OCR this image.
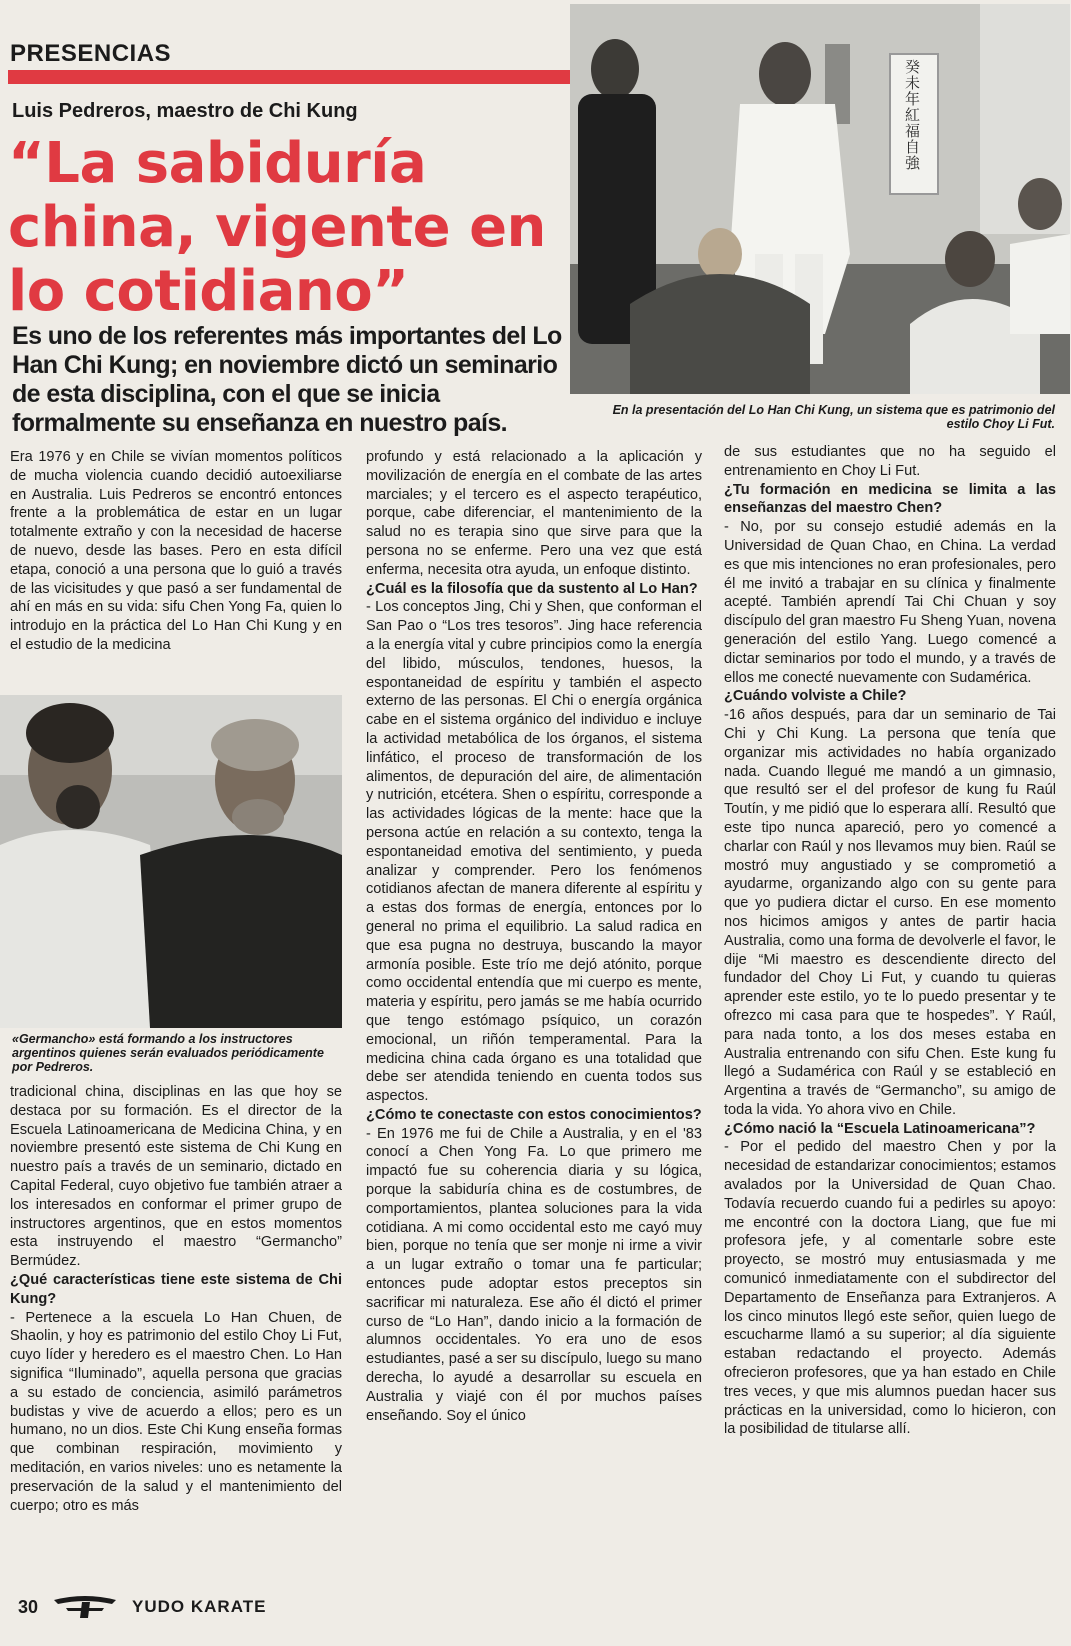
PRESENCIAS
Luis Pedreros, maestro de Chi Kung
“La sabiduría china, vigente en lo cotidiano”
Es uno de los referentes más importantes del Lo Han Chi Kung; en noviembre dictó un seminario de esta disciplina, con el que se inicia formalmente su enseñanza en nuestro país.
癸未年紅福自強
En la presentación del Lo Han Chi Kung, un sistema que es patrimonio del estilo Choy Li Fut.

Era 1976 y en Chile se vivían momentos políticos de mucha violencia cuando decidió autoexiliarse en Australia. Luis Pedreros se encontró entonces frente a la problemática de estar en un lugar totalmente extraño y con la necesidad de hacerse de nuevo, desde las bases. Pero en esta difícil etapa, conoció a una persona que lo guió a través de las vicisitudes y que pasó a ser fundamental de ahí en más en su vida: sifu Chen Yong Fa, quien lo introdujo en la práctica del Lo Han Chi Kung y en el estudio de la medicina

«Germancho» está formando a los instructores argentinos quienes serán evaluados periódicamente por Pedreros.

tradicional china, disciplinas en las que hoy se destaca por su formación. Es el director de la Escuela Latinoamericana de Medicina China, y en noviembre presentó este sistema de Chi Kung en nuestro país a través de un seminario, dictado en Capital Federal, cuyo objetivo fue también atraer a los interesados en conformar el primer grupo de instructores argentinos, que en estos momentos esta instruyendo el maestro “Germancho” Bermúdez.

¿Qué características tiene este sistema de Chi Kung?

- Pertenece a la escuela Lo Han Chuen, de Shaolin, y hoy es patrimonio del estilo Choy Li Fut, cuyo líder y heredero es el maestro Chen. Lo Han significa “Iluminado”, aquella persona que gracias a su estado de conciencia, asimiló parámetros budistas y vive de acuerdo a ellos; pero es un humano, no un dios. Este Chi Kung enseña formas que combinan respiración, movimiento y meditación, en varios niveles: uno es netamente la preservación de la salud y el mantenimiento del cuerpo; otro es más

profundo y está relacionado a la aplicación y movilización de energía en el combate de las artes marciales; y el tercero es el aspecto terapéutico, porque, cabe diferenciar, el mantenimiento de la salud no es terapia sino que sirve para que la persona no se enferme. Pero una vez que está enferma, necesita otra ayuda, un enfoque distinto.

¿Cuál es la filosofía que da sustento al Lo Han?

- Los conceptos Jing, Chi y Shen, que conforman el San Pao o “Los tres tesoros”. Jing hace referencia a la energía vital y cubre principios como la energía del libido, músculos, tendones, huesos, la espontaneidad de espíritu y también el aspecto externo de las personas. El Chi o energía orgánica cabe en el sistema orgánico del individuo e incluye la actividad metabólica de los órganos, el sistema linfático, el proceso de transformación de los alimentos, de depuración del aire, de alimentación y nutrición, etcétera. Shen o espíritu, corresponde a las actividades lógicas de la mente: hace que la persona actúe en relación a su contexto, tenga la espontaneidad emotiva del sentimiento, y pueda analizar y comprender. Pero los fenómenos cotidianos afectan de manera diferente al espíritu y a estas dos formas de energía, entonces por lo general no prima el equilibrio. La salud radica en que esa pugna no destruya, buscando la mayor armonía posible. Este trío me dejó atónito, porque como occidental entendía que mi cuerpo es mente, materia y espíritu, pero jamás se me había ocurrido que tengo estómago psíquico, un corazón emocional, un riñón temperamental. Para la medicina china cada órgano es una totalidad que debe ser atendida teniendo en cuenta todos sus aspectos.

¿Cómo te conectaste con estos conocimientos?

- En 1976 me fui de Chile a Australia, y en el '83 conocí a Chen Yong Fa. Lo que primero me impactó fue su coherencia diaria y su lógica, porque la sabiduría china es de costumbres, de comportamientos, plantea soluciones para la vida cotidiana. A mi como occidental esto me cayó muy bien, porque no tenía que ser monje ni irme a vivir a un lugar extraño o tomar una fe particular; entonces pude adoptar estos preceptos sin sacrificar mi naturaleza. Ese año él dictó el primer curso de “Lo Han”, dando inicio a la formación de alumnos occidentales. Yo era uno de esos estudiantes, pasé a ser su discípulo, luego su mano derecha, lo ayudé a desarrollar su escuela en Australia y viajé con él por muchos países enseñando. Soy el único

de sus estudiantes que no ha seguido el entrenamiento en Choy Li Fut.

¿Tu formación en medicina se limita a las enseñanzas del maestro Chen?

- No, por su consejo estudié además en la Universidad de Quan Chao, en China. La verdad es que mis intenciones no eran profesionales, pero él me invitó a trabajar en su clínica y finalmente acepté. También aprendí Tai Chi Chuan y soy discípulo del gran maestro Fu Sheng Yuan, novena generación del estilo Yang. Luego comencé a dictar seminarios por todo el mundo, y a través de ellos me conecté nuevamente con Sudamérica.

¿Cuándo volviste a Chile?

-16 años después, para dar un seminario de Tai Chi y Chi Kung. La persona que tenía que organizar mis actividades no había organizado nada. Cuando llegué me mandó a un gimnasio, que resultó ser el del profesor de kung fu Raúl Toutín, y me pidió que lo esperara allí. Resultó que este tipo nunca apareció, pero yo comencé a charlar con Raúl y nos llevamos muy bien. Raúl se mostró muy angustiado y se comprometió a ayudarme, organizando algo con su gente para que yo pudiera dictar el curso. En ese momento nos hicimos amigos y antes de partir hacia Australia, como una forma de devolverle el favor, le dije “Mi maestro es descendiente directo del fundador del Choy Li Fut, y cuando tu quieras aprender este estilo, yo te lo puedo presentar y te ofrezco mi casa para que te hospedes”. Y Raúl, para nada tonto, a los dos meses estaba en Australia entrenando con sifu Chen. Este kung fu llegó a Sudamérica con Raúl y se estableció en Argentina a través de “Germancho”, su amigo de toda la vida. Yo ahora vivo en Chile.

¿Cómo nació la “Escuela Latinoamericana”?

- Por el pedido del maestro Chen y por la necesidad de estandarizar conocimientos; estamos avalados por la Universidad de Quan Chao. Todavía recuerdo cuando fui a pedirles su apoyo: me encontré con la doctora Liang, que fue mi profesora jefe, y al comentarle sobre este proyecto, se mostró muy entusiasmada y me comunicó inmediatamente con el subdirector del Departamento de Enseñanza para Extranjeros. A los cinco minutos llegó este señor, quien luego de escucharme llamó a su superior; al día siguiente estaban redactando el proyecto. Además ofrecieron profesores, que ya han estado en Chile tres veces, y que mis alumnos puedan hacer sus prácticas en la universidad, como lo hicieron, con la posibilidad de titularse allí.

30	YUDO KARATE
